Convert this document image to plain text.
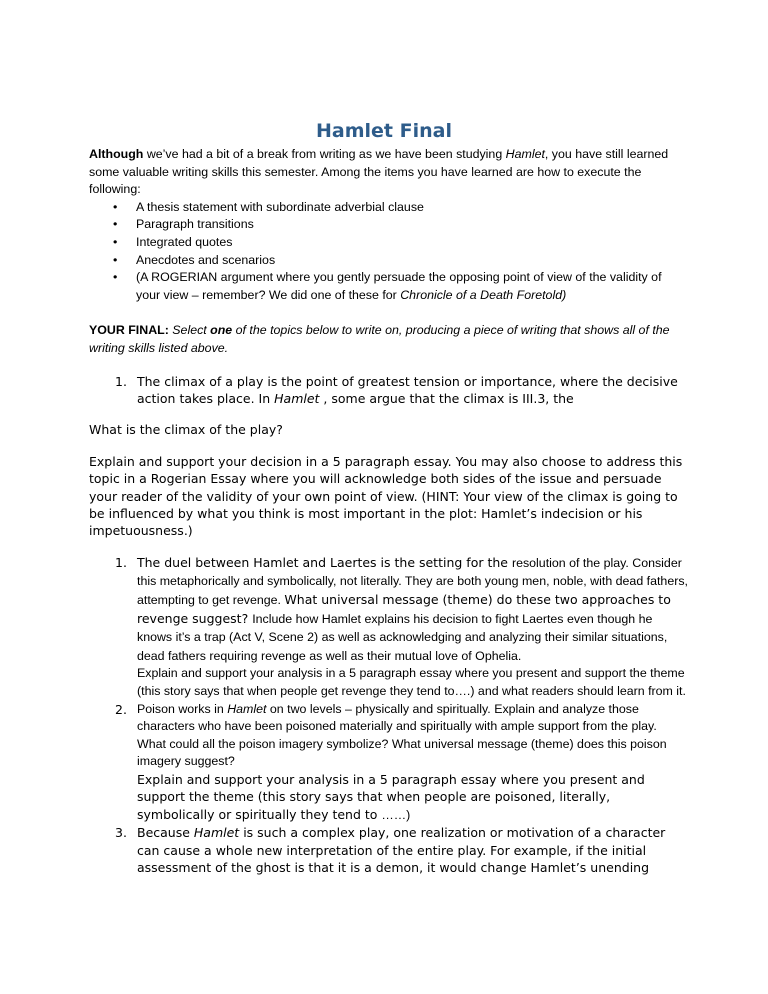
Hamlet Final

Although we’ve had a bit of a break from writing as we have been studying Hamlet, you have still learned some valuable writing skills this semester. Among the items you have learned are how to execute the following:

• A thesis statement with subordinate adverbial clause
• Paragraph transitions
• Integrated quotes
• Anecdotes and scenarios
• (A ROGERIAN argument where you gently persuade the opposing point of view of the validity of your view – remember? We did one of these for Chronicle of a Death Foretold)

YOUR FINAL: Select one of the topics below to write on, producing a piece of writing that shows all of the writing skills listed above.

1. The climax of a play is the point of greatest tension or importance, where the decisive action takes place. In Hamlet , some argue that the climax is III.3, the

What is the climax of the play?

Explain and support your decision in a 5 paragraph essay. You may also choose to address this topic in a Rogerian Essay where you will acknowledge both sides of the issue and persuade your reader of the validity of your own point of view. (HINT: Your view of the climax is going to be influenced by what you think is most important in the plot: Hamlet’s indecision or his impetuousness.)

1. The duel between Hamlet and Laertes is the setting for the resolution of the play. Consider this metaphorically and symbolically, not literally. They are both young men, noble, with dead fathers, attempting to get revenge. What universal message (theme) do these two approaches to revenge suggest? Include how Hamlet explains his decision to fight Laertes even though he knows it’s a trap (Act V, Scene 2) as well as acknowledging and analyzing their similar situations, dead fathers requiring revenge as well as their mutual love of Ophelia.

Explain and support your analysis in a 5 paragraph essay where you present and support the theme (this story says that when people get revenge they tend to….) and what readers should learn from it.

2. Poison works in Hamlet on two levels – physically and spiritually. Explain and analyze those characters who have been poisoned materially and spiritually with ample support from the play. What could all the poison imagery symbolize? What universal message (theme) does this poison imagery suggest?

Explain and support your analysis in a 5 paragraph essay where you present and support the theme (this story says that when people are poisoned, literally, symbolically or spiritually they tend to ……)

3. Because Hamlet is such a complex play, one realization or motivation of a character can cause a whole new interpretation of the entire play. For example, if the initial assessment of the ghost is that it is a demon, it would change Hamlet’s unending
